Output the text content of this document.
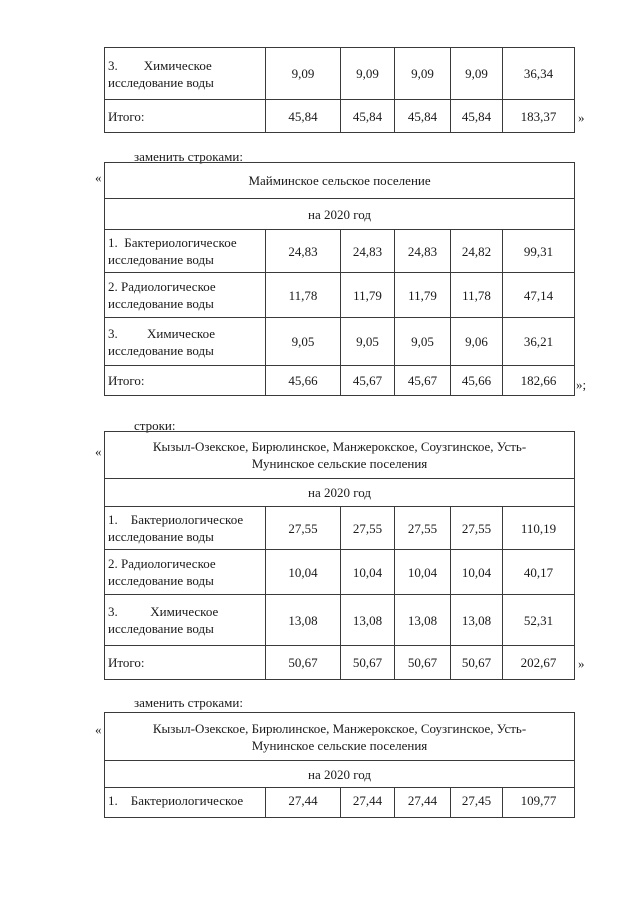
3.        Химическое
исследование воды	9,09	9,09	9,09	9,09	36,34
Итого:	45,84	45,84	45,84	45,84	183,37 »
заменить строками:
«	Майминское сельское поселение					
на 2020 год					

1.  Бактериологическое
исследование воды	24,83	24,83	24,83	24,82	99,31

2. Радиологическое
исследование воды	11,78	11,79	11,79	11,78	47,14

3.         Химическое
исследование воды	9,05	9,05	9,05	9,06	36,21
Итого:	45,66	45,67	45,67	45,66	182,66 »;
строки:
«	Кызыл-Озекское, Бирюлинское, Манжерокское, Соузгинское, Усть-
Мунинское сельские поселения					

на 2020 год					

1.    Бактериологическое
исследование воды	27,55	27,55	27,55	27,55	110,19

2. Радиологическое
исследование воды	10,04	10,04	10,04	10,04	40,17

3.          Химическое
исследование воды	13,08	13,08	13,08	13,08	52,31
Итого:	50,67	50,67	50,67	50,67	202,67 »
заменить строками:
«	Кызыл-Озекское, Бирюлинское, Манжерокское, Соузгинское, Усть-
Мунинское сельские поселения

на 2020 год

1.    Бактериологическое	27,44	27,44	27,44	27,45	109,77
